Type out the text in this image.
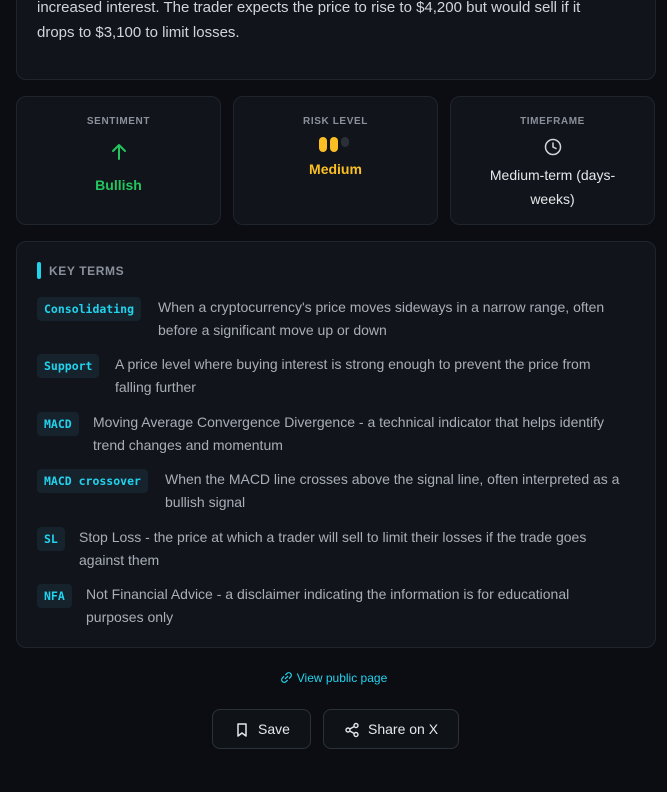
increased interest. The trader expects the price to rise to $4,200 but would sell if it
drops to $3,100 to limit losses.
SENTIMENT
Bullish
RISK LEVEL
Medium
TIMEFRAME
Medium-term (days-
weeks)
KEY TERMS
Consolidating	When a cryptocurrency's price moves sideways in a narrow range, often
before a significant move up or down
Support	A price level where buying interest is strong enough to prevent the price from
falling further
MACD	Moving Average Convergence Divergence - a technical indicator that helps identify
trend changes and momentum
MACD crossover	When the MACD line crosses above the signal line, often interpreted as a
bullish signal
SL	Stop Loss - the price at which a trader will sell to limit their losses if the trade goes
against them
NFA	Not Financial Advice - a disclaimer indicating the information is for educational
purposes only
View public page
Save	Share on X
